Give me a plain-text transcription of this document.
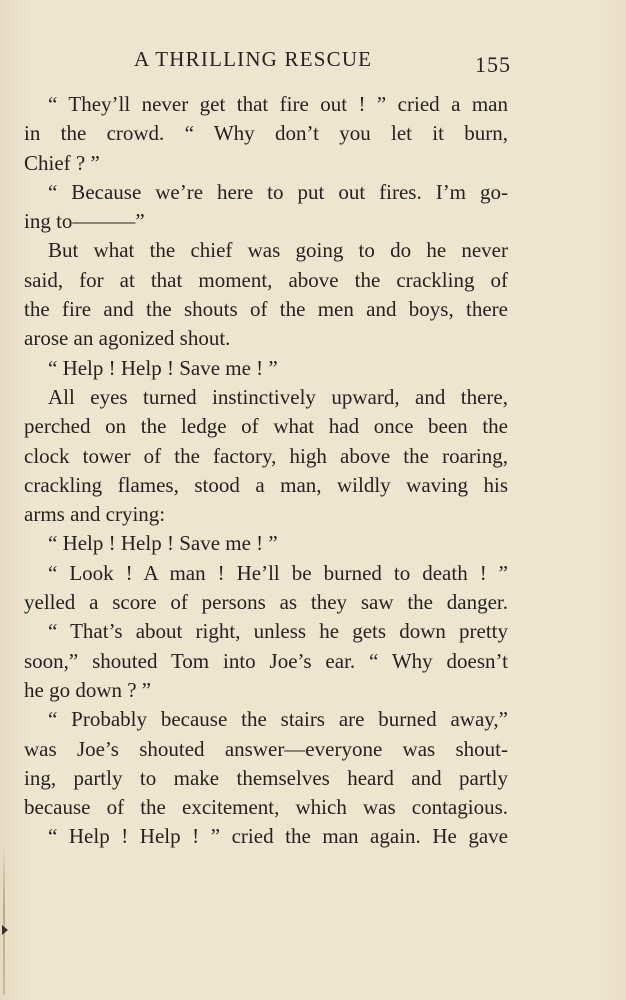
A THRILLING RESCUE	155
“ They’ll never get that fire out ! ” cried a man
in the crowd. “ Why don’t you let it burn,
Chief ? ”
“ Because we’re here to put out fires. I’m go-
ing to———”
But what the chief was going to do he never
said, for at that moment, above the crackling of
the fire and the shouts of the men and boys, there
arose an agonized shout.
“ Help ! Help ! Save me ! ”
All eyes turned instinctively upward, and there,
perched on the ledge of what had once been the
clock tower of the factory, high above the roaring,
crackling flames, stood a man, wildly waving his
arms and crying:
“ Help ! Help ! Save me ! ”
“ Look ! A man ! He’ll be burned to death ! ”
yelled a score of persons as they saw the danger.
“ That’s about right, unless he gets down pretty
soon,” shouted Tom into Joe’s ear. “ Why doesn’t
he go down ? ”
“ Probably because the stairs are burned away,”
was Joe’s shouted answer—everyone was shout-
ing, partly to make themselves heard and partly
because of the excitement, which was contagious.
“ Help ! Help ! ” cried the man again. He gave
